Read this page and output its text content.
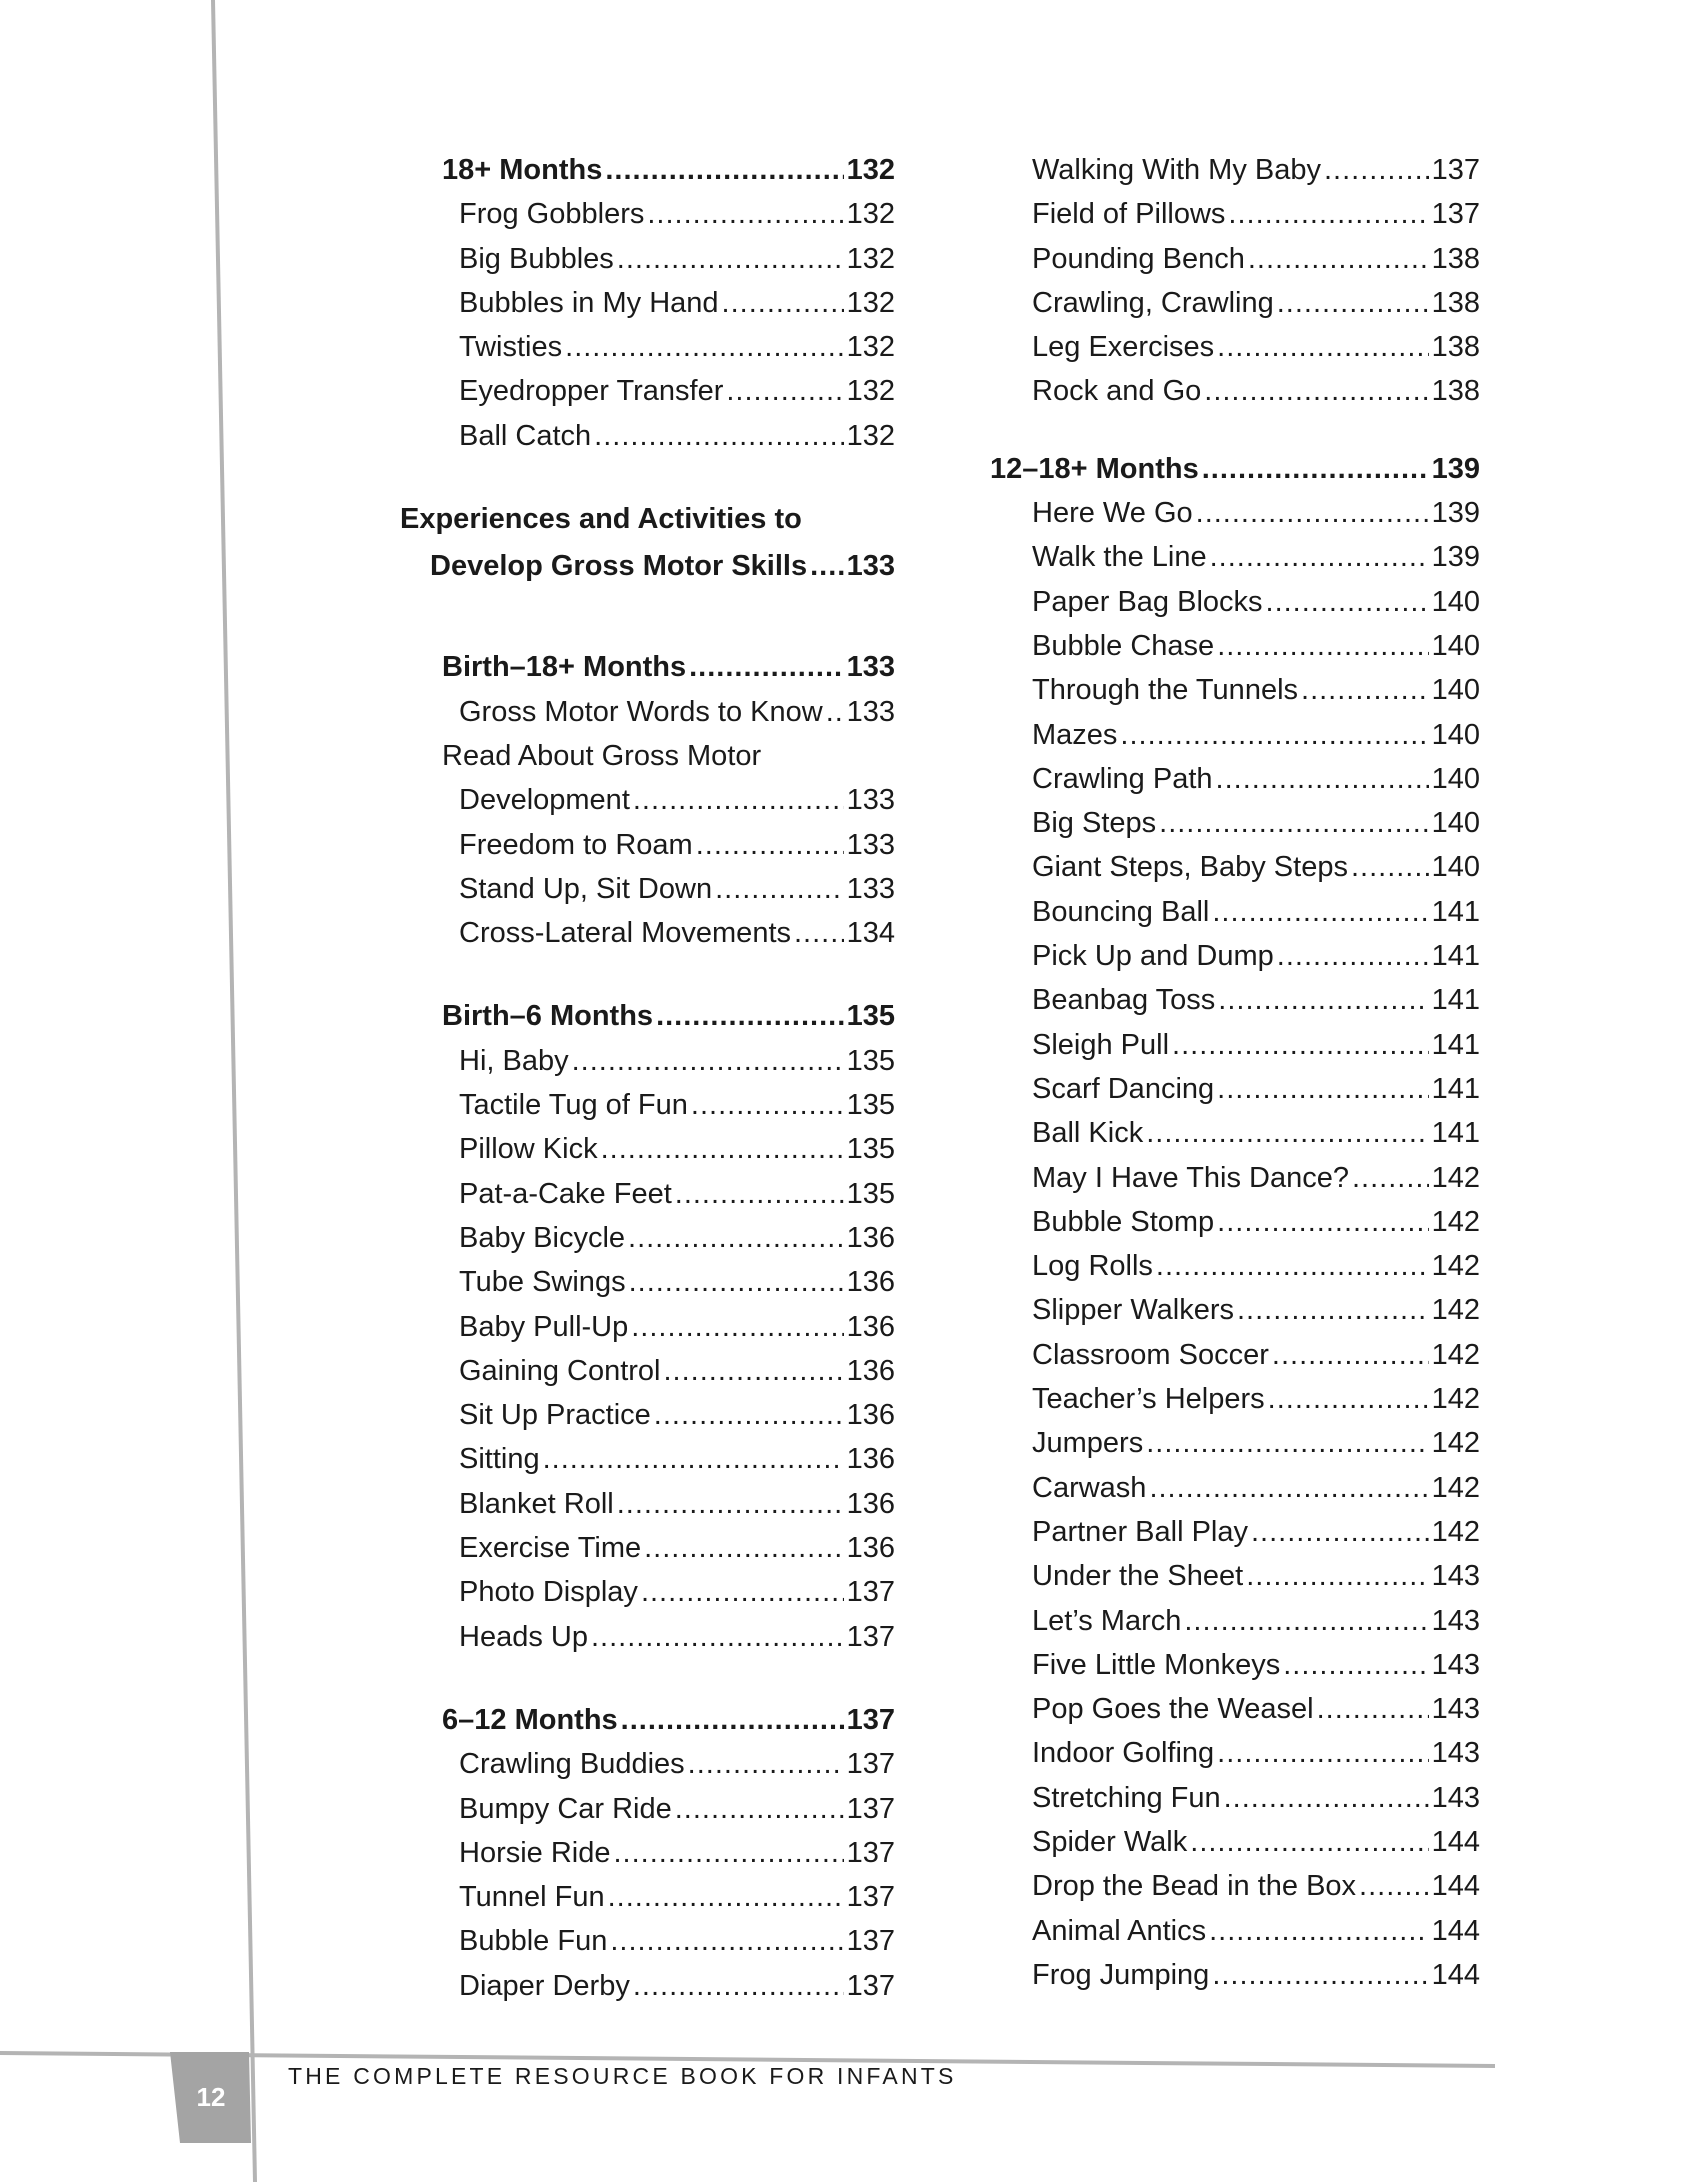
18+ Months .....	132
Frog Gobblers .....	132
Big Bubbles .....	132
Bubbles in My Hand .....	132
Twisties .....	132
Eyedropper Transfer .....	132
Ball Catch .....	132
Experiences and Activities to
Develop Gross Motor Skills ..... 133
Birth–18+ Months .....	133
Gross Motor Words to Know ..... 133
Read About Gross Motor
Development .....	133
Freedom to Roam .....	133
Stand Up, Sit Down .....	133
Cross-Lateral Movements ..... 134
Birth–6 Months .....	135
Hi, Baby .....	135
Tactile Tug of Fun .....	135
Pillow Kick .....	135
Pat-a-Cake Feet .....	135
Baby Bicycle .....	136
Tube Swings .....	136
Baby Pull-Up .....	136
Gaining Control .....	136
Sit Up Practice .....	136
Sitting .....	136
Blanket Roll .....	136
Exercise Time .....	136
Photo Display .....	137
Heads Up .....	137
6–12 Months .....	137
Crawling Buddies .....	137
Bumpy Car Ride .....	137
Horsie Ride .....	137
Tunnel Fun .....	137
Bubble Fun .....	137
Diaper Derby .....	137
Walking With My Baby .....	137
Field of Pillows .....	137
Pounding Bench .....	138
Crawling, Crawling .....	138
Leg Exercises .....	138
Rock and Go .....	138
12–18+ Months .....	139
Here We Go .....	139
Walk the Line .....	139
Paper Bag Blocks .....	140
Bubble Chase .....	140
Through the Tunnels .....	140
Mazes .....	140
Crawling Path .....	140
Big Steps .....	140
Giant Steps, Baby Steps .....	140
Bouncing Ball .....	141
Pick Up and Dump .....	141
Beanbag Toss .....	141
Sleigh Pull .....	141
Scarf Dancing .....	141
Ball Kick .....	141
May I Have This Dance? .....	142
Bubble Stomp .....	142
Log Rolls .....	142
Slipper Walkers .....	142
Classroom Soccer .....	142
Teacher’s Helpers .....	142
Jumpers .....	142
Carwash .....	142
Partner Ball Play .....	142
Under the Sheet .....	143
Let’s March .....	143
Five Little Monkeys .....	143
Pop Goes the Weasel .....	143
Indoor Golfing .....	143
Stretching Fun .....	143
Spider Walk .....	144
Drop the Bead in the Box .....	144
Animal Antics .....	144
Frog Jumping .....	144
THE COMPLETE RESOURCE BOOK FOR INFANTS
12
